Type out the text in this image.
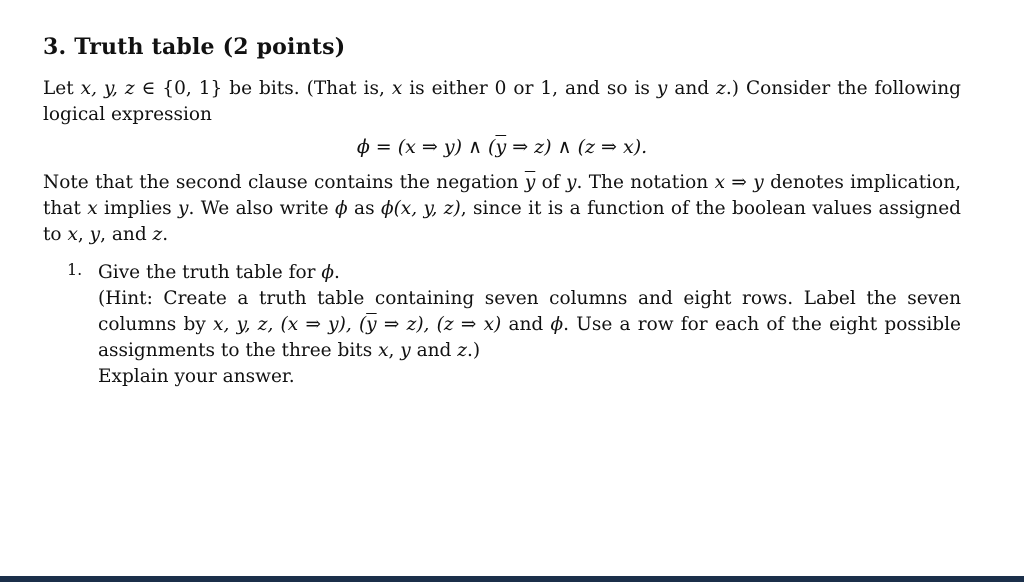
3. Truth table (2 points)

Let x, y, z ∈ {0, 1} be bits. (That is, x is either 0 or 1, and so is y and z.) Consider the following logical expression

ϕ = (x ⇒ y) ∧ ($\overline{y}$ ⇒ z) ∧ (z ⇒ x).

Note that the second clause contains the negation $\overline{y}$ of y. The notation x ⇒ y denotes implication, that x implies y. We also write ϕ as ϕ(x, y, z), since it is a function of the boolean values assigned to x, y, and z.

1. Give the truth table for ϕ.

(Hint: Create a truth table containing seven columns and eight rows. Label the seven columns by x, y, z, (x ⇒ y), ($\overline{y}$ ⇒ z), (z ⇒ x) and ϕ. Use a row for each of the eight possible assignments to the three bits x, y and z.)

Explain your answer.
